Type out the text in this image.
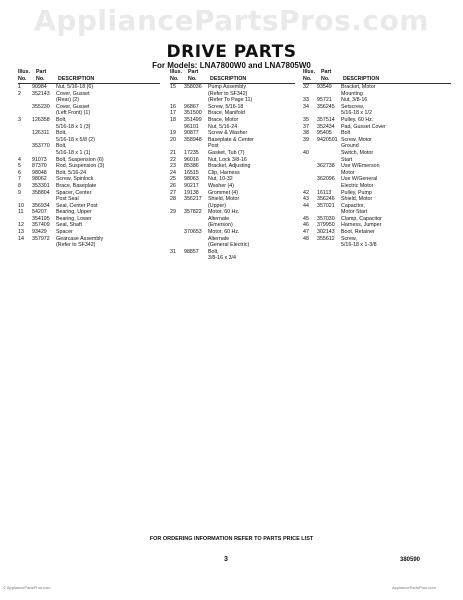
AppliancePartsPros.com
DRIVE PARTS
For Models: LNA7800W0 and LNA7805W0
Illus.
No.
Part
No.	DESCRIPTION
1	90984	Nut, 5/16-18 (6)
2	352143	Cover, Gusset
(Rear) (2)
355230	Cover, Gusset
(Left Front) (1)
3	126358	Bolt,
5/16-18 x 1 (3)
126311	Bolt,
5/16-18 x 5/8 (2)
353770	Bolt,
5/16-18 x 1 (1)
4	91073	Bolt, Suspension (6)
5	87370	Rod, Suspension (3)
6	98048	Bolt, 5/16-24
7	98062	Screw, Spinlock
8	353301	Brace, Baseplate
9	358804	Spacer, Center
Post Seal
10	356934	Seal, Center Post
11	54207	Bearing, Upper
354195	Bearing, Lower
12	357409	Seal, Shaft
13	93429	Spacer
14	357972	Gearcase Assembly
(Refer to SF342)
Illus.
No.
Part
No.	DESCRIPTION
15	358036	Pump Assembly
(Refer to SF342)
(Refer To Page 11)
16	96867	Screw, 5/16-18
17	351500	Brace, Manifold
18	351499	Brace, Motor
96101	Nut, 5/16-24
19	90877	Screw & Washer
20	358948	Baseplate & Center
Post
21	17235	Gasket, Tub (7)
22	96016	Nut, Lock 3/8-16
23	85386	Bracket, Adjusting
24	16515	Clip, Harness
25	98063	Nut, 10-32
26	90217	Washer (4)
27	19138	Grommet (4)
28	356217	Shield, Motor
(Upper)
29	357822	Motor, 60 Hz.
Alternate
(Emerson)
370653	Motor, 60 Hz.
Alternate
(General Electric)
31	98857	Bolt,
3/8-16 x 3/4
Illus.
No.
Part
No.	DESCRIPTION
32	93549	Bracket, Motor
Mounting
33	95721	Nut, 3/8-16
34	356245	Setscrew,
5/16-18 x 1/2
35	357514	Pulley, 60 Hz.
37	352434	Pad, Gusset Cover
38	95405	Bolt
39	9420501 Screw, Motor
Ground
40	Switch, Motor
Start
362738	Use W/Emerson
Motor
362096	Use W/General
Electric Motor
42	16113	Pulley, Pump
43	356246	Shield, Motor
44	357021	Capacitor,
Motor Start
45	357030	Clamp, Capacitor
46	379950	Harness, Jumper
47	302143	Boot, Retainer
48	355612	Screw,
5/16-18 x 1-3/8
FOR ORDERING INFORMATION REFER TO PARTS PRICE LIST
3	380590
© AppliancePartsPros.com	AppliancePartsPros.com
